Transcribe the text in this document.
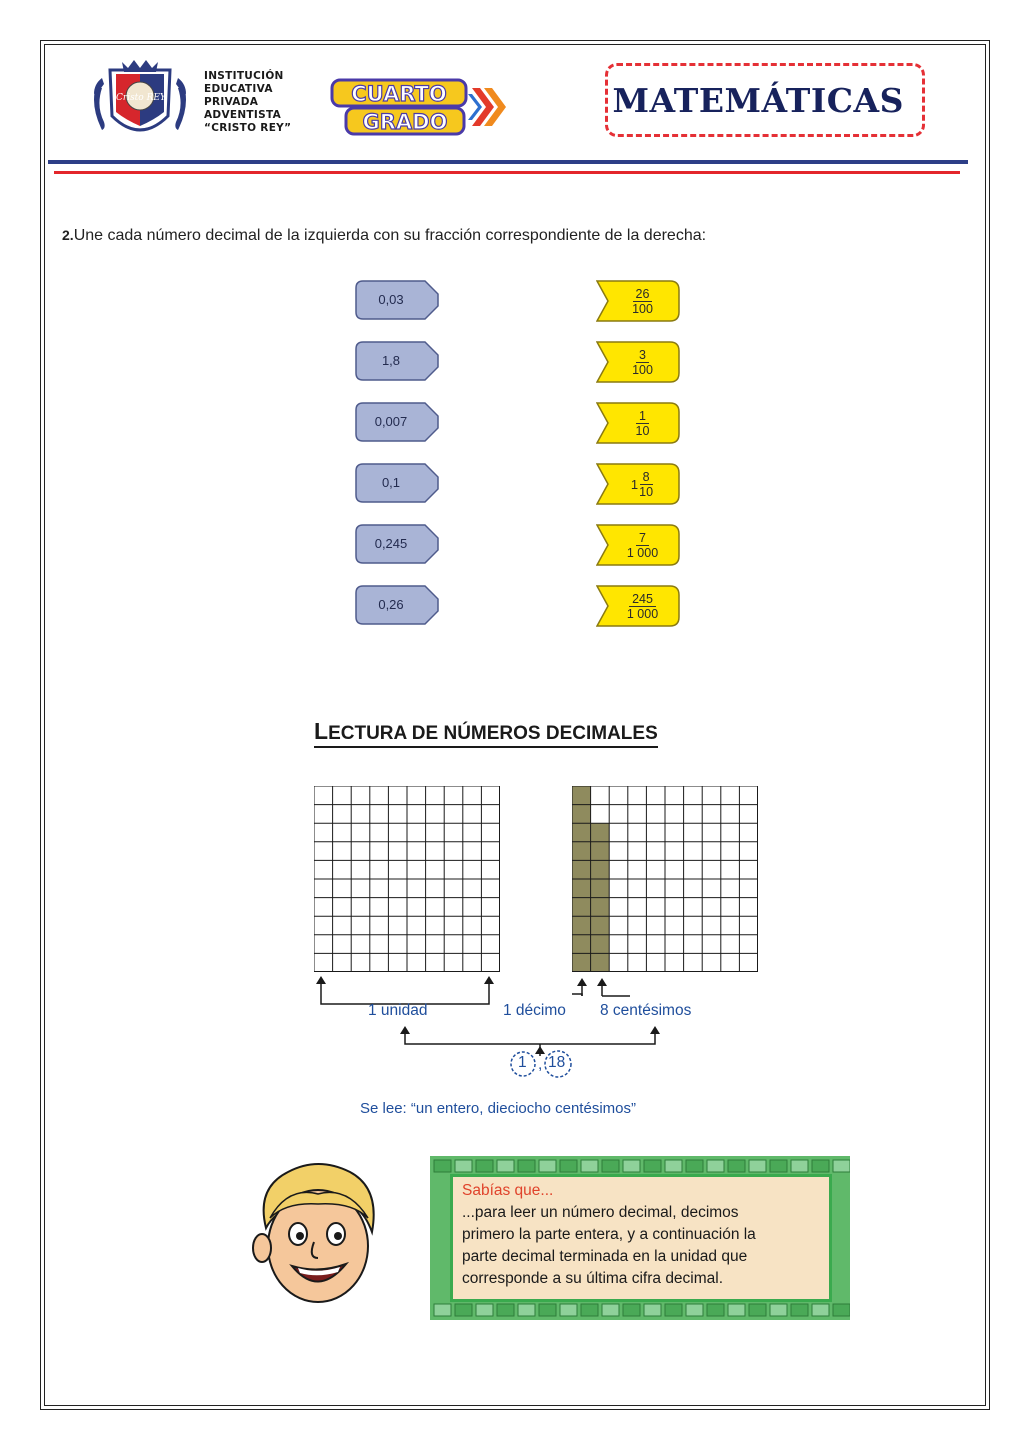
INSTITUCIÓN
EDUCATIVA
PRIVADA
ADVENTISTA
“CRISTO REY”
Cristo REY	CUARTO
GRADO
MATEMÁTICAS
2.Une cada número decimal de la izquierda con su fracción correspondiente de la derecha:
0,03
1,8
0,007
0,1
0,245
0,26
$\frac{26}{100}$
$\frac{3}{100}$
$\frac{1}{10}$
$1 \frac{8}{10}$
$\frac{7}{1 000}$
$\frac{245}{1 000}$
LECTURA DE NÚMEROS DECIMALES
1 unidad	1 décimo 8 centésimos
1 , 18
Se lee: “un entero, dieciocho centésimos”
Sabías que...
...para leer un número decimal, decimos
primero la parte entera, y a continuación la
parte decimal terminada en la unidad que
corresponde a su última cifra decimal.
